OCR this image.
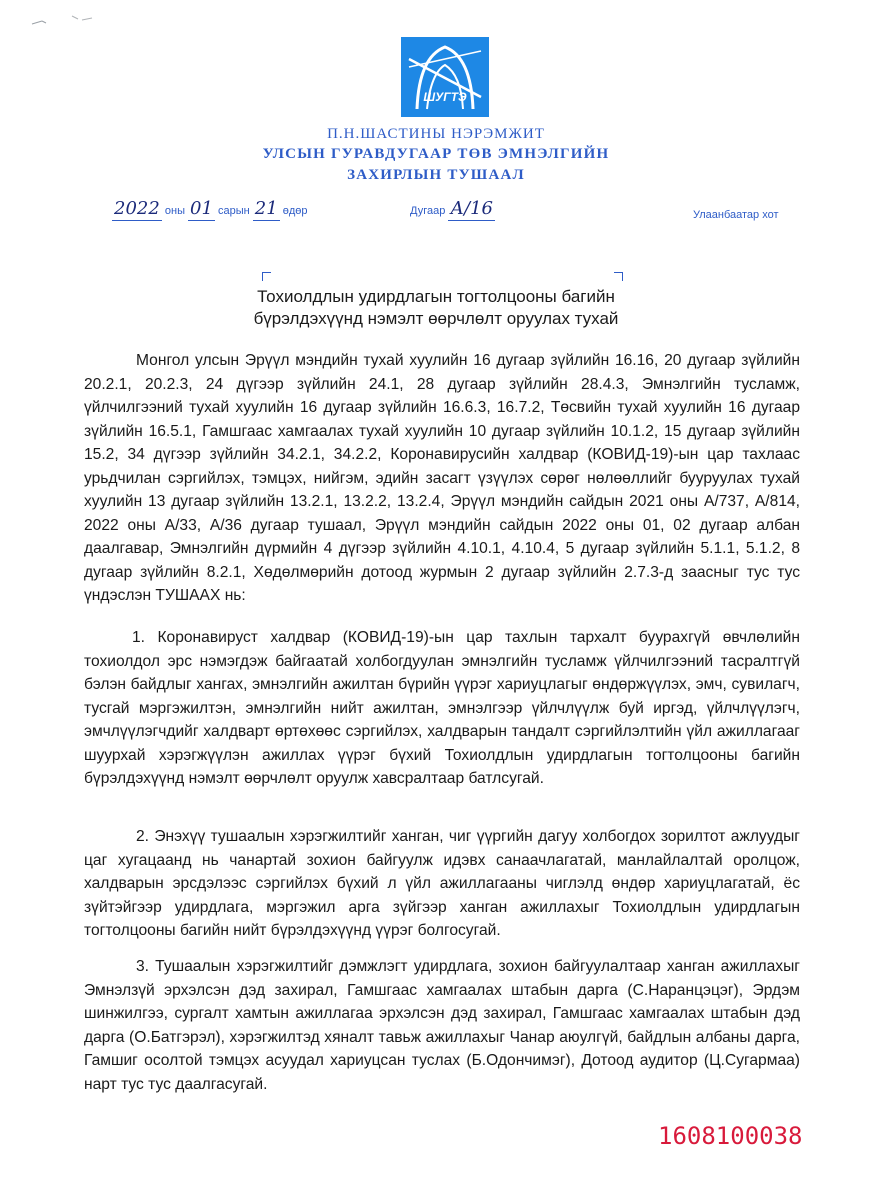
ШУГТЭ
П.Н.ШАСТИНЫ НЭРЭМЖИТ
УЛСЫН ГУРАВДУГААР ТӨВ ЭМНЭЛГИЙН
ЗАХИРЛЫН ТУШААЛ
2022 оны 01 сарын 21 өдөр	Дугаар А/16	Улаанбаатар хот
Тохиолдлын удирдлагын тогтолцооны багийн
бүрэлдэхүүнд нэмэлт өөрчлөлт оруулах тухай
Монгол улсын Эрүүл мэндийн тухай хуулийн 16 дугаар зүйлийн 16.16, 20 дугаар зүйлийн 20.2.1, 20.2.3, 24 дүгээр зүйлийн 24.1, 28 дугаар зүйлийн 28.4.3, Эмнэлгийн тусламж, үйлчилгээний тухай хуулийн 16 дугаар зүйлийн 16.6.3, 16.7.2, Төсвийн тухай хуулийн 16 дугаар зүйлийн 16.5.1, Гамшгаас хамгаалах тухай хуулийн 10 дугаар зүйлийн 10.1.2, 15 дугаар зүйлийн 15.2, 34 дүгээр зүйлийн 34.2.1, 34.2.2, Коронавирусийн халдвар (КОВИД-19)-ын цар тахлаас урьдчилан сэргийлэх, тэмцэх, нийгэм, эдийн засагт үзүүлэх сөрөг нөлөөллийг бууруулах тухай хуулийн 13 дугаар зүйлийн 13.2.1, 13.2.2, 13.2.4, Эрүүл мэндийн сайдын 2021 оны А/737, А/814, 2022 оны А/33, А/36 дугаар тушаал, Эрүүл мэндийн сайдын 2022 оны 01, 02 дугаар албан даалгавар, Эмнэлгийн дүрмийн 4 дүгээр зүйлийн 4.10.1, 4.10.4, 5 дугаар зүйлийн 5.1.1, 5.1.2, 8 дугаар зүйлийн 8.2.1, Хөдөлмөрийн дотоод журмын 2 дугаар зүйлийн 2.7.3-д заасныг тус тус үндэслэн ТУШААХ нь:
1. Коронавируст халдвар (КОВИД-19)-ын цар тахлын тархалт буурахгүй өвчлөлийн тохиолдол эрс нэмэгдэж байгаатай холбогдуулан эмнэлгийн тусламж үйлчилгээний тасралтгүй бэлэн байдлыг хангах, эмнэлгийн ажилтан бүрийн үүрэг хариуцлагыг өндөржүүлэх, эмч, сувилагч, тусгай мэргэжилтэн, эмнэлгийн нийт ажилтан, эмнэлгээр үйлчлүүлж буй иргэд, үйлчлүүлэгч, эмчлүүлэгчдийг халдварт өртөхөөс сэргийлэх, халдварын тандалт сэргийлэлтийн үйл ажиллагааг шуурхай хэрэгжүүлэн ажиллах үүрэг бүхий Тохиолдлын удирдлагын тогтолцооны багийн бүрэлдэхүүнд нэмэлт өөрчлөлт оруулж хавсралтаар батлсугай.
2. Энэхүү тушаалын хэрэгжилтийг ханган, чиг үүргийн дагуу холбогдох зорилтот ажлуудыг цаг хугацаанд нь чанартай зохион байгуулж идэвх санаачлагатай, манлайлалтай оролцож, халдварын эрсдэлээс сэргийлэх бүхий л үйл ажиллагааны чиглэлд өндөр хариуцлагатай, ёс зүйтэйгээр удирдлага, мэргэжил арга зүйгээр ханган ажиллахыг Тохиолдлын удирдлагын тогтолцооны багийн нийт бүрэлдэхүүнд үүрэг болгосугай.
3. Тушаалын хэрэгжилтийг дэмжлэгт удирдлага, зохион байгуулалтаар ханган ажиллахыг Эмнэлзүй эрхэлсэн дэд захирал, Гамшгаас хамгаалах штабын дарга (С.Наранцэцэг), Эрдэм шинжилгээ, сургалт хамтын ажиллагаа эрхэлсэн дэд захирал, Гамшгаас хамгаалах штабын дэд дарга (О.Батгэрэл), хэрэгжилтэд хяналт тавьж ажиллахыг Чанар аюулгүй, байдлын албаны дарга, Гамшиг осолтой тэмцэх асуудал хариуцсан туслах (Б.Одончимэг), Дотоод аудитор (Ц.Сугармаа) нарт тус тус даалгасугай.
1608100038
